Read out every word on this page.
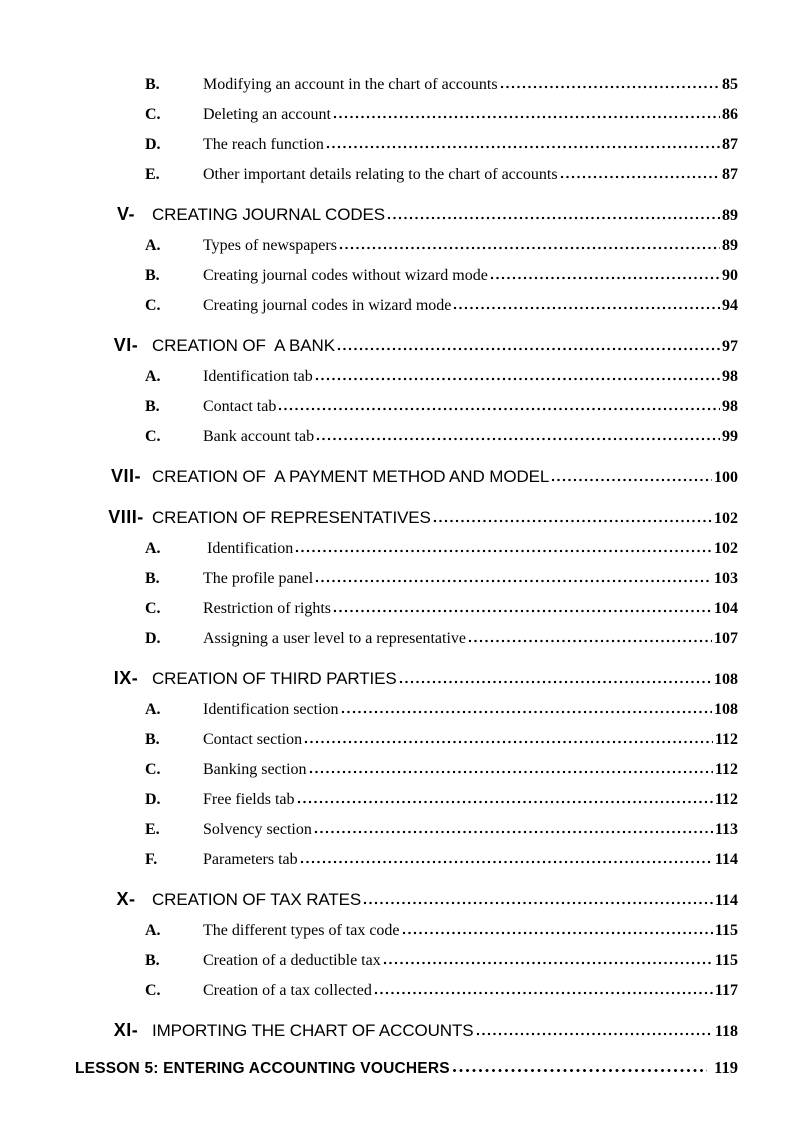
B.	Modifying an account in the chart of accounts	85
C.	Deleting an account	86
D.	The reach function	87
E.	Other important details relating to the chart of accounts	87
V-	CREATING JOURNAL CODES	89
A.	Types of newspapers	89
B.	Creating journal codes without wizard mode	90
C.	Creating journal codes in wizard mode	94
VI- CREATION OF  A BANK	97
A.	Identification tab	98
B.	Contact tab	98
C.	Bank account tab	99
VII- CREATION OF  A PAYMENT METHOD AND MODEL	100
VIII- CREATION OF REPRESENTATIVES	102
A.	Identification	102
B.	The profile panel	103
C.	Restriction of rights	104
D.	Assigning a user level to a representative	107
IX- CREATION OF THIRD PARTIES	108
A.	Identification section	108
B.	Contact section	112
C.	Banking section	112
D.	Free fields tab	112
E.	Solvency section	113
F.	Parameters tab	114
X- CREATION OF TAX RATES	114
A.	The different types of tax code	115
B.	Creation of a deductible tax	115
C.	Creation of a tax collected	117
XI- IMPORTING THE CHART OF ACCOUNTS	118
LESSON 5: ENTERING ACCOUNTING VOUCHERS	119
